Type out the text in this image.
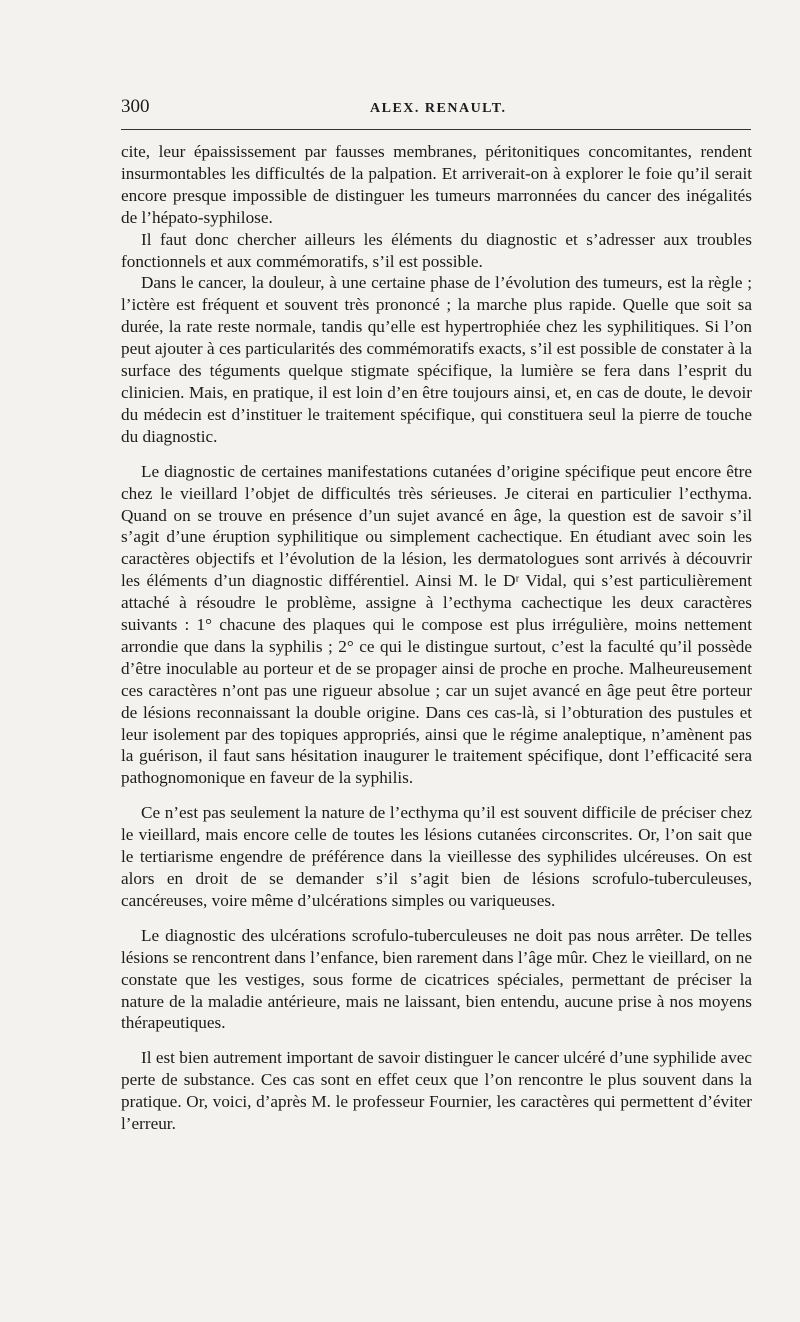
300	ALEX. RENAULT.

cite, leur épaississement par fausses membranes, péritonitiques concomitantes, rendent insurmontables les difficultés de la palpation. Et arriverait-on à explorer le foie qu’il serait encore presque impossible de distinguer les tumeurs marronnées du cancer des inégalités de l’hépato-syphilose.

Il faut donc chercher ailleurs les éléments du diagnostic et s’adresser aux troubles fonctionnels et aux commémoratifs, s’il est possible.

Dans le cancer, la douleur, à une certaine phase de l’évolution des tumeurs, est la règle ; l’ictère est fréquent et souvent très prononcé ; la marche plus rapide. Quelle que soit sa durée, la rate reste normale, tandis qu’elle est hypertrophiée chez les syphilitiques. Si l’on peut ajouter à ces particularités des commémoratifs exacts, s’il est possible de constater à la surface des téguments quelque stigmate spécifique, la lumière se fera dans l’esprit du clinicien. Mais, en pratique, il est loin d’en être toujours ainsi, et, en cas de doute, le devoir du médecin est d’instituer le traitement spécifique, qui constituera seul la pierre de touche du diagnostic.

Le diagnostic de certaines manifestations cutanées d’origine spécifique peut encore être chez le vieillard l’objet de difficultés très sérieuses. Je citerai en particulier l’ecthyma. Quand on se trouve en présence d’un sujet avancé en âge, la question est de savoir s’il s’agit d’une éruption syphilitique ou simplement cachectique. En étudiant avec soin les caractères objectifs et l’évolution de la lésion, les dermatologues sont arrivés à découvrir les éléments d’un diagnostic différentiel. Ainsi M. le Dʳ Vidal, qui s’est particulièrement attaché à résoudre le problème, assigne à l’ecthyma cachectique les deux caractères suivants : 1° chacune des plaques qui le compose est plus irrégulière, moins nettement arrondie que dans la syphilis ; 2° ce qui le distingue surtout, c’est la faculté qu’il possède d’être inoculable au porteur et de se propager ainsi de proche en proche. Malheureusement ces caractères n’ont pas une rigueur absolue ; car un sujet avancé en âge peut être porteur de lésions reconnaissant la double origine. Dans ces cas-là, si l’obturation des pustules et leur isolement par des topiques appropriés, ainsi que le régime analeptique, n’amènent pas la guérison, il faut sans hésitation inaugurer le traitement spécifique, dont l’efficacité sera pathognomonique en faveur de la syphilis.

Ce n’est pas seulement la nature de l’ecthyma qu’il est souvent difficile de préciser chez le vieillard, mais encore celle de toutes les lésions cutanées circonscrites. Or, l’on sait que le tertiarisme engendre de préférence dans la vieillesse des syphilides ulcéreuses. On est alors en droit de se demander s’il s’agit bien de lésions scrofulo-tuberculeuses, cancéreuses, voire même d’ulcérations simples ou variqueuses.

Le diagnostic des ulcérations scrofulo-tuberculeuses ne doit pas nous arrêter. De telles lésions se rencontrent dans l’enfance, bien rarement dans l’âge mûr. Chez le vieillard, on ne constate que les vestiges, sous forme de cicatrices spéciales, permettant de préciser la nature de la maladie antérieure, mais ne laissant, bien entendu, aucune prise à nos moyens thérapeutiques.

Il est bien autrement important de savoir distinguer le cancer ulcéré d’une syphilide avec perte de substance. Ces cas sont en effet ceux que l’on rencontre le plus souvent dans la pratique. Or, voici, d’après M. le professeur Fournier, les caractères qui permettent d’éviter l’erreur.
